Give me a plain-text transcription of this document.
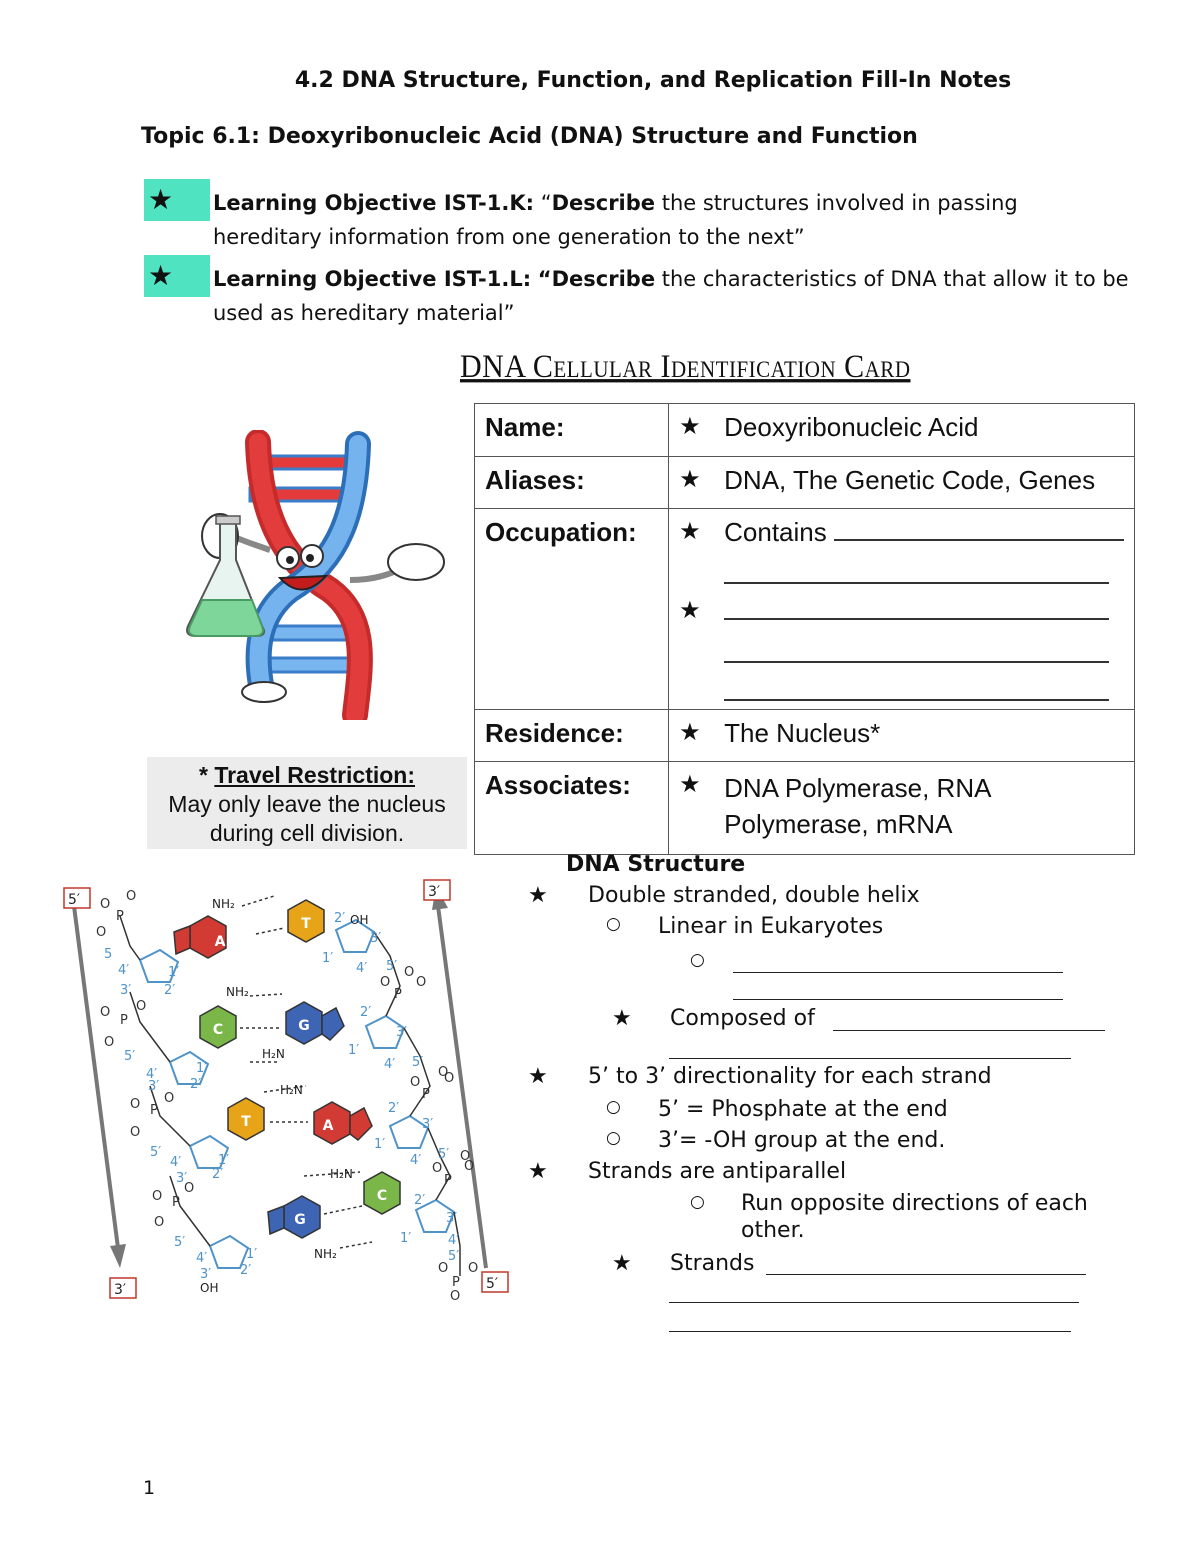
4.2 DNA Structure, Function, and Replication Fill-In Notes
Topic 6.1: Deoxyribonucleic Acid (DNA) Structure and Function
★	Learning Objective IST-1.K: “Describe the structures involved in passing hereditary information from one generation to the next”
★	Learning Objective IST-1.L: “Describe the characteristics of DNA that allow it to be used as hereditary material”
DNA Cellular Identification Card
* Travel Restriction:
May only leave the nucleus during cell division.
Name:	★ Deoxyribonucleic Acid

Aliases:	★ DNA, The Genetic Code, Genes

Occupation:	★ Contains

★

Residence:	★ The Nucleus*

Associates:	★ DNA Polymerase, RNA Polymerase, mRNA
5′	3′
3′	5′
O
P
O
O
O
P
O
O
O P
O
O
O P
O
O
O
P
O
O
O
P
O
O
O
P
O
O
O
P
O
O
5
4′
3′
1′
2′
5′
4′
3′
1′
2′
5′
4′
3′
1′
2′
5′
4′
3′
1′
2′
1′
2′
3′
4′ 5′
1′
2′
3′
4′ 5′
1′
2′
3′
4′ 5′
1′
2′
3′
4′
5′
A
T
C	G
T	A
G
C
NH₂
NH₂
H₂N
H₂N
H₂N
NH₂
OH
OH
DNA Structure
★ Double stranded, double helix
○ Linear in Eukaryotes
○
★ Composed of
★ 5’ to 3’ directionality for each strand
○ 5’ = Phosphate at the end
○ 3’= -OH group at the end.
★ Strands are antiparallel
○ Run opposite directions of each
other.
★ Strands
1
